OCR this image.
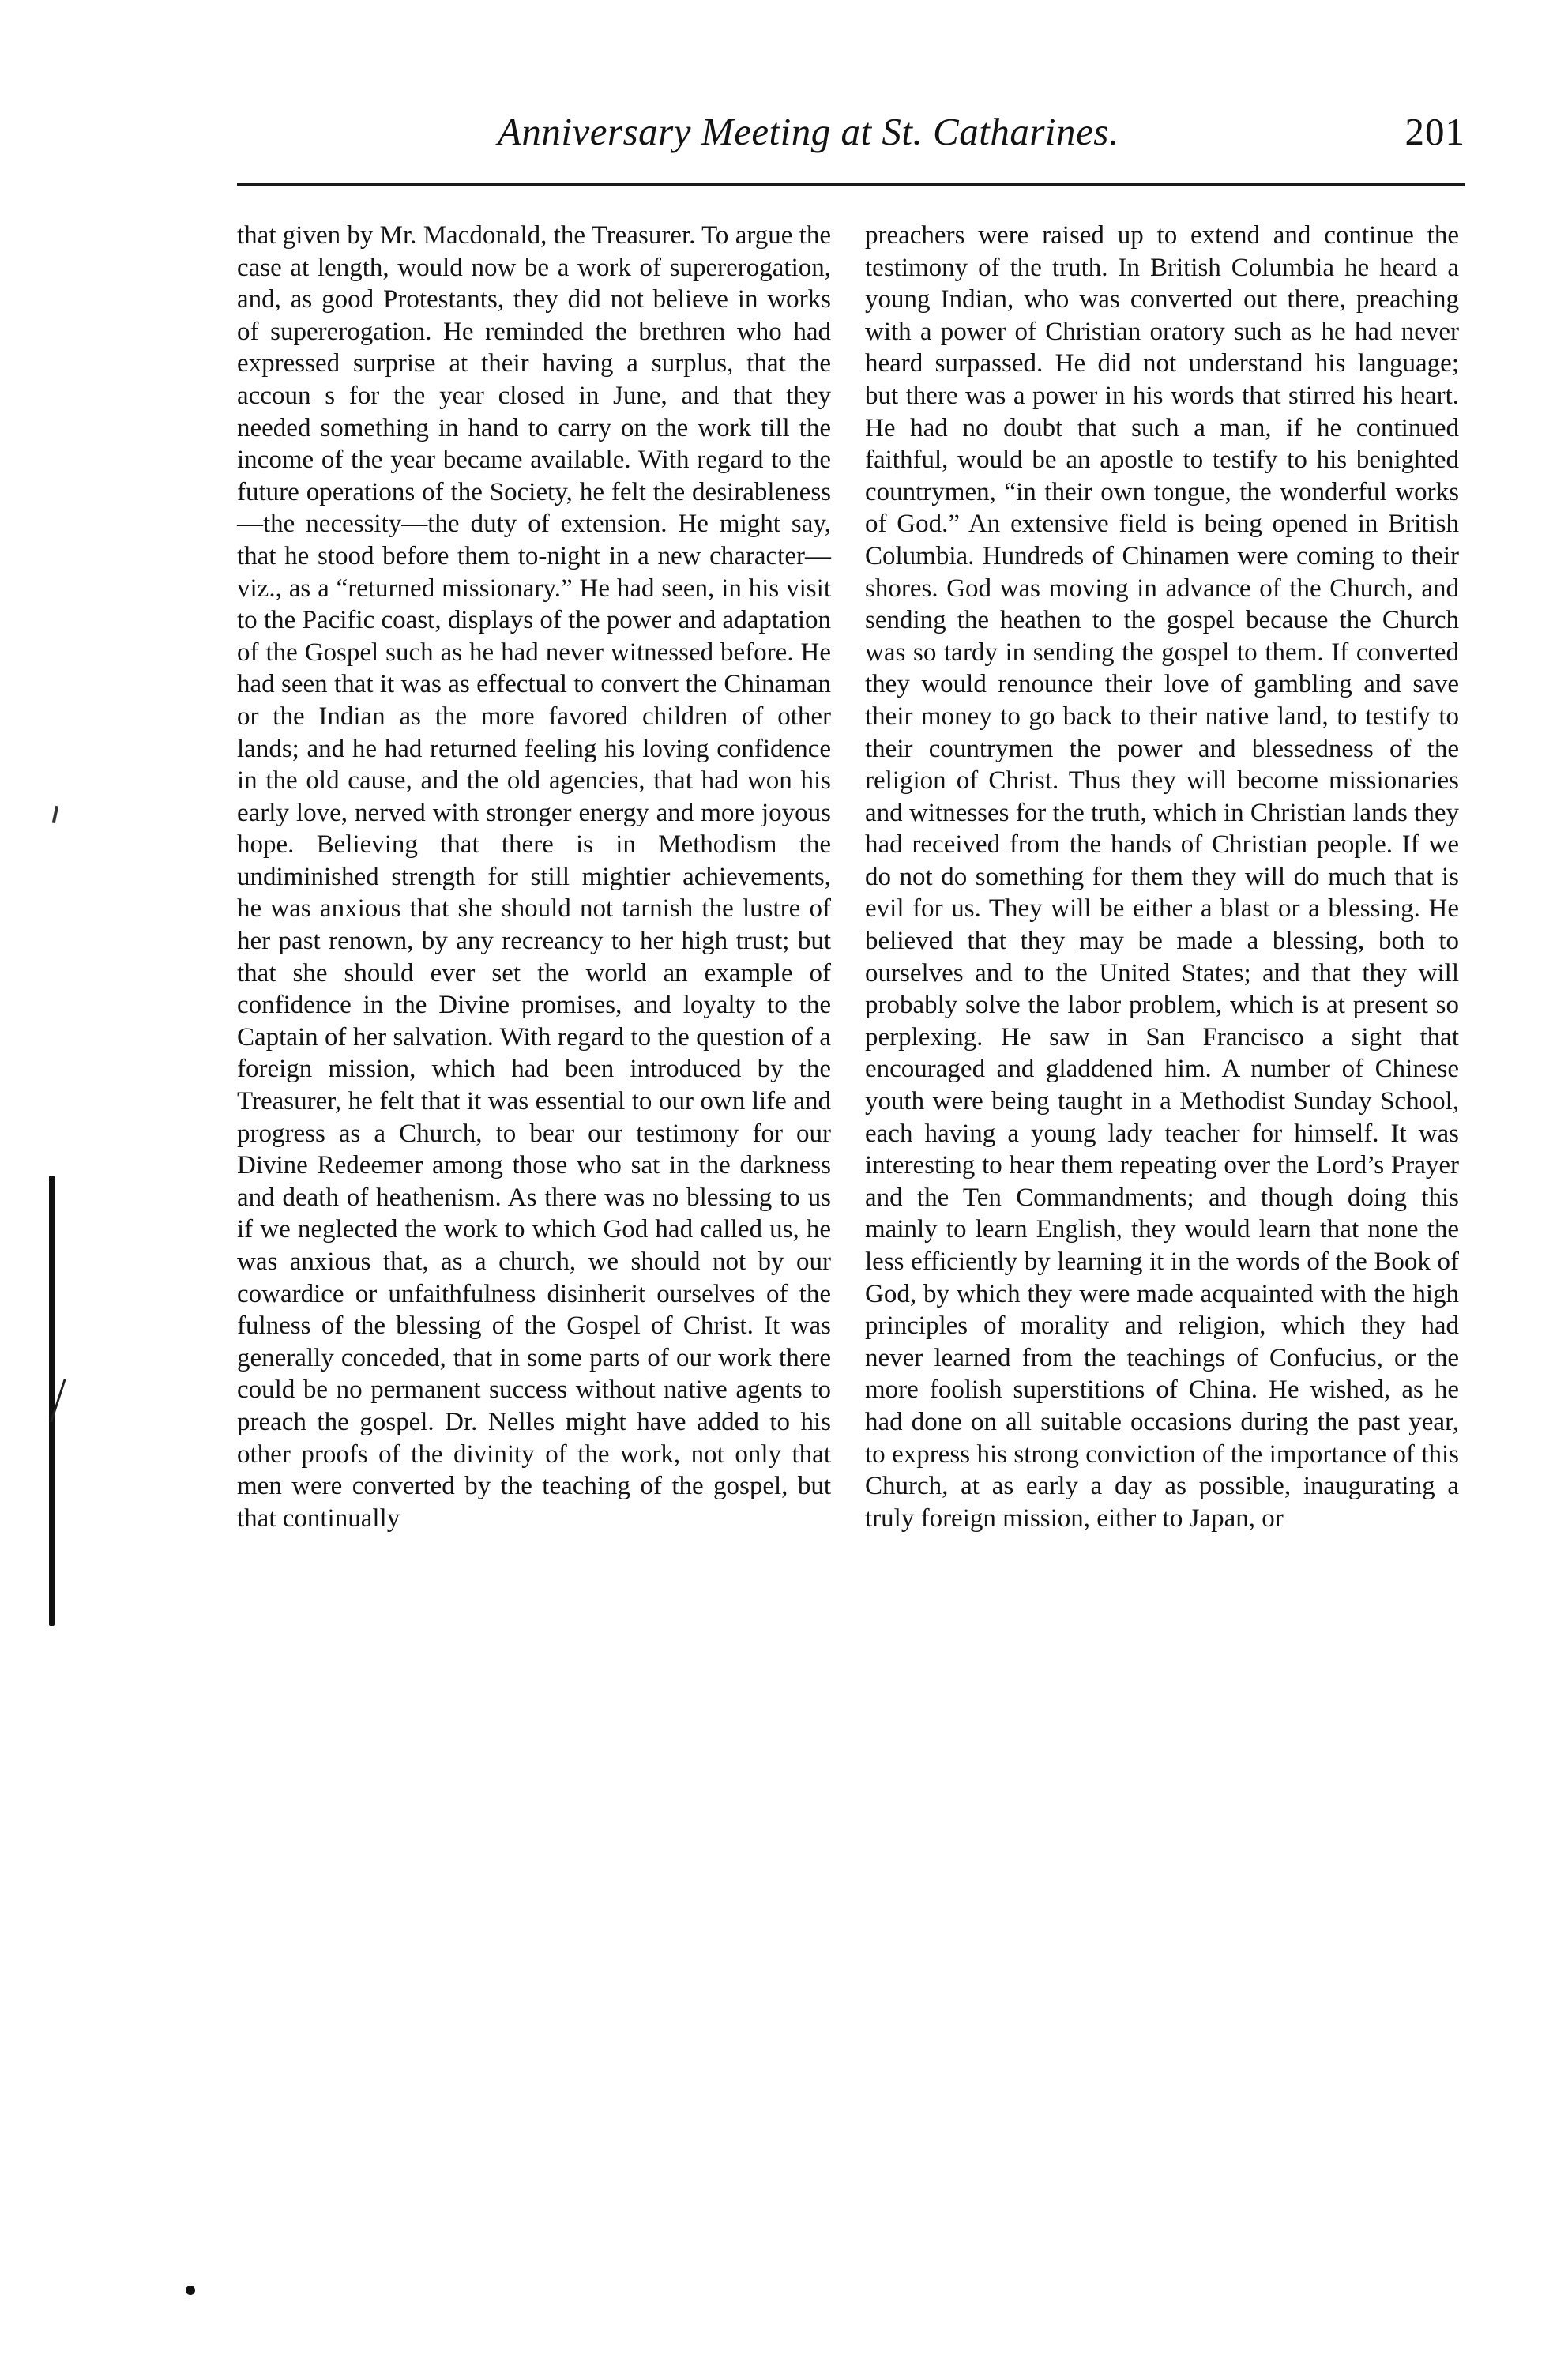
Anniversary Meeting at St. Catharines.	201

that given by Mr. Macdonald, the Treasurer. To argue the case at length, would now be a work of supererogation, and, as good Protestants, they did not believe in works of supererogation. He reminded the brethren who had expressed surprise at their having a surplus, that the accoun s for the year closed in June, and that they needed something in hand to carry on the work till the income of the year became available. With regard to the future operations of the Society, he felt the desirableness—the necessity—the duty of extension. He might say, that he stood before them to-night in a new character—viz., as a “returned missionary.” He had seen, in his visit to the Pacific coast, displays of the power and adaptation of the Gospel such as he had never witnessed before. He had seen that it was as effectual to convert the Chinaman or the Indian as the more favored children of other lands; and he had returned feeling his loving confidence in the old cause, and the old agencies, that had won his early love, nerved with stronger energy and more joyous hope. Believing that there is in Methodism the undiminished strength for still mightier achievements, he was anxious that she should not tarnish the lustre of her past renown, by any recreancy to her high trust; but that she should ever set the world an example of confidence in the Divine promises, and loyalty to the Captain of her salvation. With regard to the question of a foreign mission, which had been introduced by the Treasurer, he felt that it was essential to our own life and progress as a Church, to bear our testimony for our Divine Redeemer among those who sat in the darkness and death of heathenism. As there was no blessing to us if we neglected the work to which God had called us, he was anxious that, as a church, we should not by our cowardice or unfaithfulness disinherit ourselves of the fulness of the blessing of the Gospel of Christ. It was generally conceded, that in some parts of our work there could be no permanent success without native agents to preach the gospel. Dr. Nelles might have added to his other proofs of the divinity of the work, not only that men were converted by the teaching of the gospel, but that continually

preachers were raised up to extend and continue the testimony of the truth. In British Columbia he heard a young Indian, who was converted out there, preaching with a power of Christian oratory such as he had never heard surpassed. He did not understand his language; but there was a power in his words that stirred his heart. He had no doubt that such a man, if he continued faithful, would be an apostle to testify to his benighted countrymen, “in their own tongue, the wonderful works of God.” An extensive field is being opened in British Columbia. Hundreds of Chinamen were coming to their shores. God was moving in advance of the Church, and sending the heathen to the gospel because the Church was so tardy in sending the gospel to them. If converted they would renounce their love of gambling and save their money to go back to their native land, to testify to their countrymen the power and blessedness of the religion of Christ. Thus they will become missionaries and witnesses for the truth, which in Christian lands they had received from the hands of Christian people. If we do not do something for them they will do much that is evil for us. They will be either a blast or a blessing. He believed that they may be made a blessing, both to ourselves and to the United States; and that they will probably solve the labor problem, which is at present so perplexing. He saw in San Francisco a sight that encouraged and gladdened him. A number of Chinese youth were being taught in a Methodist Sunday School, each having a young lady teacher for himself. It was interesting to hear them repeating over the Lord’s Prayer and the Ten Commandments; and though doing this mainly to learn English, they would learn that none the less efficiently by learning it in the words of the Book of God, by which they were made acquainted with the high principles of morality and religion, which they had never learned from the teachings of Confucius, or the more foolish superstitions of China. He wished, as he had done on all suitable occasions during the past year, to express his strong conviction of the importance of this Church, at as early a day as possible, inaugurating a truly foreign mission, either to Japan, or
